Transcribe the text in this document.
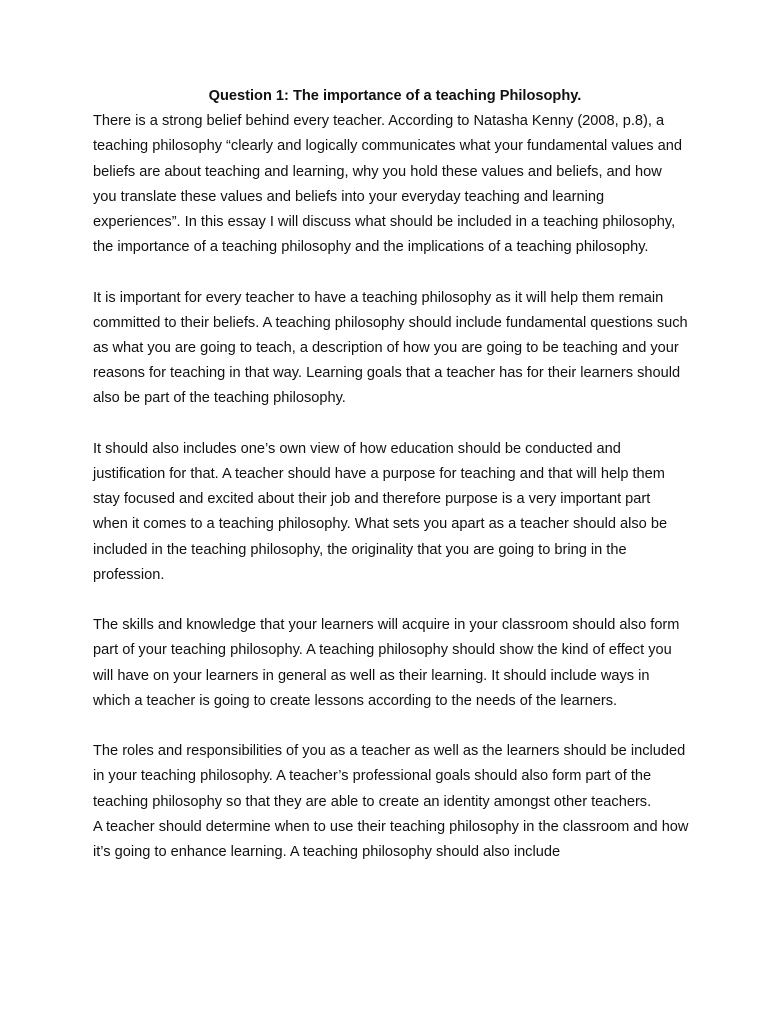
Question 1: The importance of a teaching Philosophy.

There is a strong belief behind every teacher. According to Natasha Kenny (2008, p.8), a teaching philosophy “clearly and logically communicates what your fundamental values and beliefs are about teaching and learning, why you hold these values and beliefs, and how you translate these values and beliefs into your everyday teaching and learning experiences”. In this essay I will discuss what should be included in a teaching philosophy, the importance of a teaching philosophy and the implications of a teaching philosophy.

It is important for every teacher to have a teaching philosophy as it will help them remain committed to their beliefs. A teaching philosophy should include fundamental questions such as what you are going to teach, a description of how you are going to be teaching and your reasons for teaching in that way. Learning goals that a teacher has for their learners should also be part of the teaching philosophy.

It should also includes one’s own view of how education should be conducted and justification for that. A teacher should have a purpose for teaching and that will help them stay focused and excited about their job and therefore purpose is a very important part when it comes to a teaching philosophy. What sets you apart as a teacher should also be included in the teaching philosophy, the originality that you are going to bring in the profession.

The skills and knowledge that your learners will acquire in your classroom should also form part of your teaching philosophy. A teaching philosophy should show the kind of effect you will have on your learners in general as well as their learning. It should include ways in which a teacher is going to create lessons according to the needs of the learners.

The roles and responsibilities of you as a teacher as well as the learners should be included in your teaching philosophy. A teacher’s professional goals should also form part of the teaching philosophy so that they are able to create an identity amongst other teachers.

A teacher should determine when to use their teaching philosophy in the classroom and how it’s going to enhance learning. A teaching philosophy should also include
